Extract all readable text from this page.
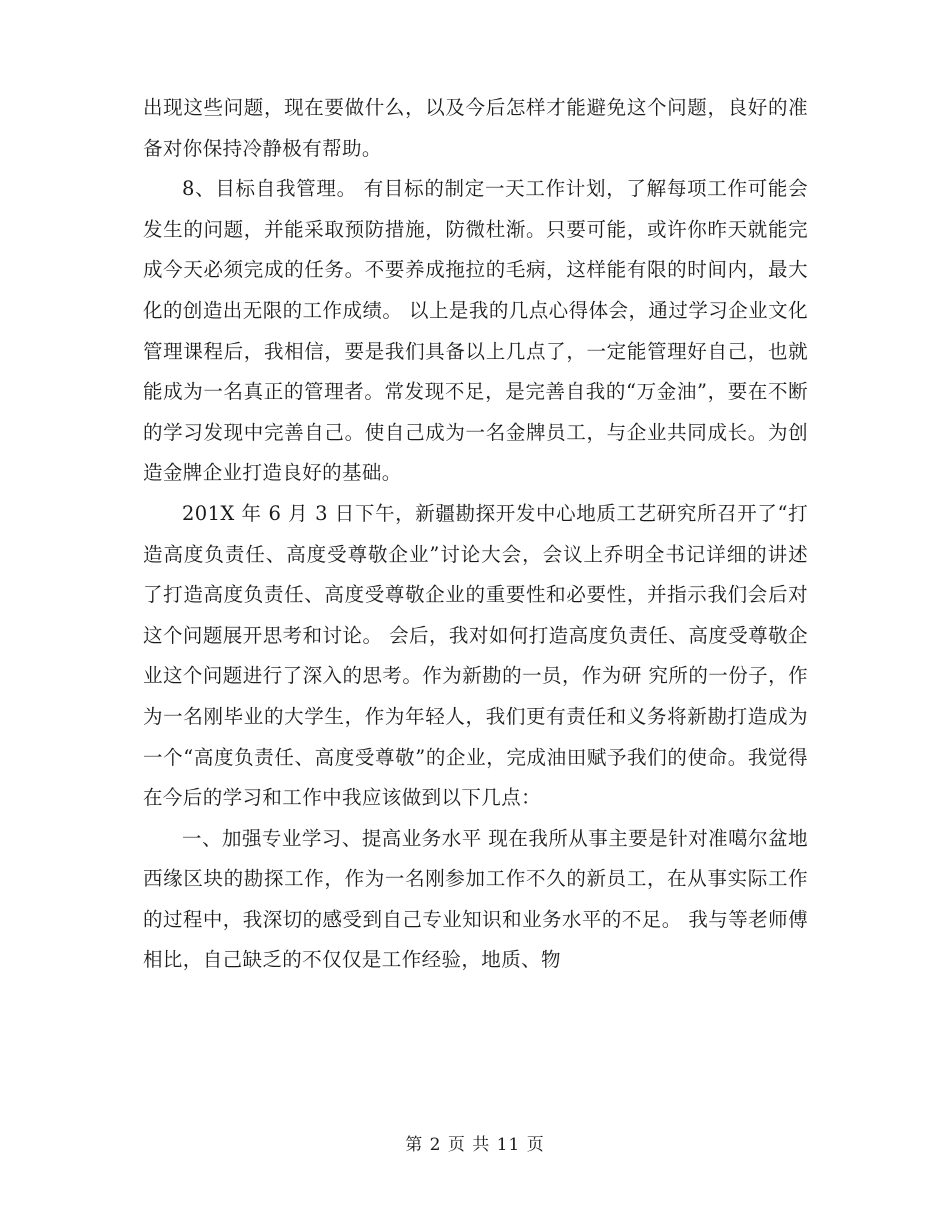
出现这些问题，现在要做什么，以及今后怎样才能避免这个问题，良好的准备对你保持冷静极有帮助。

8、目标自我管理。 有目标的制定一天工作计划，了解每项工作可能会发生的问题，并能采取预防措施，防微杜渐。只要可能，或许你昨天就能完成今天必须完成的任务。不要养成拖拉的毛病，这样能有限的时间内，最大化的创造出无限的工作成绩。 以上是我的几点心得体会，通过学习企业文化管理课程后，我相信，要是我们具备以上几点了，一定能管理好自己，也就能成为一名真正的管理者。常发现不足，是完善自我的“万金油”，要在不断的学习发现中完善自己。使自己成为一名金牌员工，与企业共同成长。为创造金牌企业打造良好的基础。

201X 年 6 月 3 日下午，新疆勘探开发中心地质工艺研究所召开了“打造高度负责任、高度受尊敬企业”讨论大会，会议上乔明全书记详细的讲述了打造高度负责任、高度受尊敬企业的重要性和必要性，并指示我们会后对这个问题展开思考和讨论。 会后，我对如何打造高度负责任、高度受尊敬企业这个问题进行了深入的思考。作为新勘的一员，作为研 究所的一份子，作为一名刚毕业的大学生，作为年轻人，我们更有责任和义务将新勘打造成为一个“高度负责任、高度受尊敬”的企业，完成油田赋予我们的使命。我觉得在今后的学习和工作中我应该做到以下几点：

一、加强专业学习、提高业务水平 现在我所从事主要是针对准噶尔盆地西缘区块的勘探工作，作为一名刚参加工作不久的新员工，在从事实际工作的过程中，我深切的感受到自己专业知识和业务水平的不足。 我与等老师傅相比，自己缺乏的不仅仅是工作经验，地质、物

第 2 页 共 11 页
